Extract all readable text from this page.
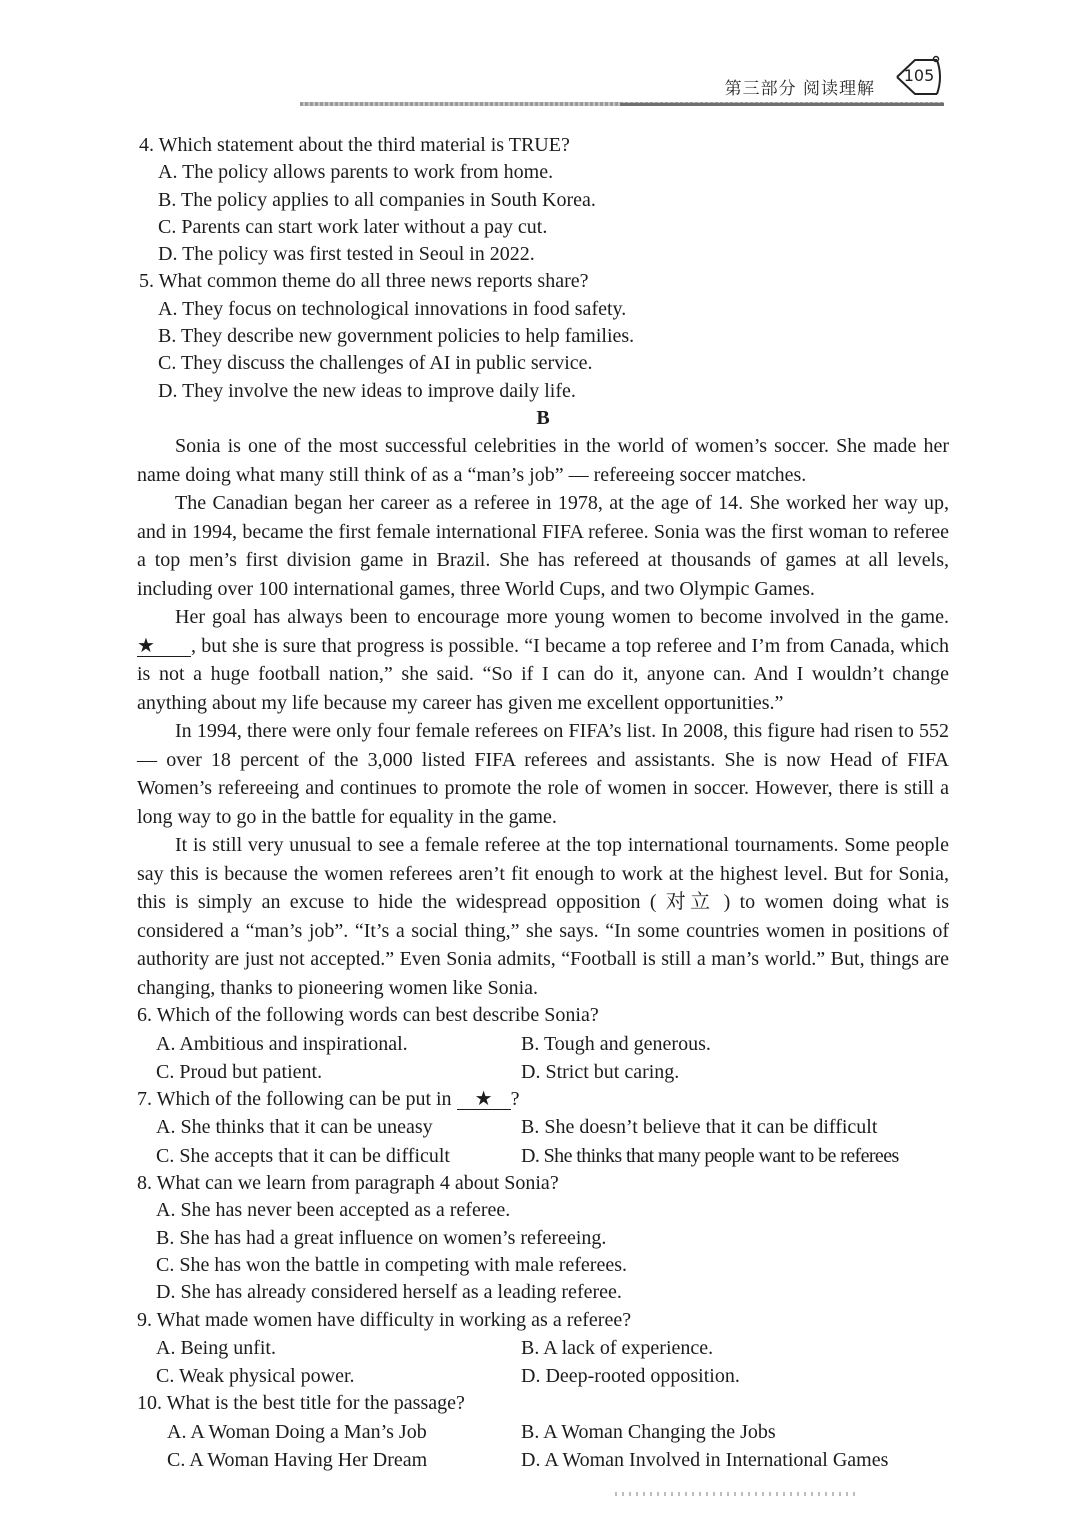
第三部分 阅读理解
105

4. Which statement about the third material is TRUE?

A. The policy allows parents to work from home.

B. The policy applies to all companies in South Korea.

C. Parents can start work later without a pay cut.

D. The policy was first tested in Seoul in 2022.

5. What common theme do all three news reports share?

A. They focus on technological innovations in food safety.

B. They describe new government policies to help families.

C. They discuss the challenges of AI in public service.

D. They involve the new ideas to improve daily life.

B

Sonia is one of the most successful celebrities in the world of women’s soccer. She made her name doing what many still think of as a “man’s job” — refereeing soccer matches.

The Canadian began her career as a referee in 1978, at the age of 14. She worked her way up, and in 1994, became the first female international FIFA referee. Sonia was the first woman to referee a top men’s first division game in Brazil. She has refereed at thousands of games at all levels, including over 100 international games, three World Cups, and two Olympic Games.

Her goal has always been to encourage more young women to become involved in the game. ★ , but she is sure that progress is possible. “I became a top referee and I’m from Canada, which is not a huge football nation,” she said. “So if I can do it, anyone can. And I wouldn’t change anything about my life because my career has given me excellent opportunities.”

In 1994, there were only four female referees on FIFA’s list. In 2008, this figure had risen to 552 — over 18 percent of the 3,000 listed FIFA referees and assistants. She is now Head of FIFA Women’s refereeing and continues to promote the role of women in soccer. However, there is still a long way to go in the battle for equality in the game.

It is still very unusual to see a female referee at the top international tournaments. Some people say this is because the women referees aren’t fit enough to work at the highest level. But for Sonia, this is simply an excuse to hide the widespread opposition ( 对立 ) to women doing what is considered a “man’s job”. “It’s a social thing,” she says. “In some countries women in positions of authority are just not accepted.” Even Sonia admits, “Football is still a man’s world.” But, things are changing, thanks to pioneering women like Sonia.

6. Which of the following words can best describe Sonia?

A. Ambitious and inspirational.	B. Tough and generous.
C. Proud but patient.	D. Strict but caring.

7. Which of the following can be put in ★ ?

A. She thinks that it can be uneasy	B. She doesn’t believe that it can be difficult
C. She accepts that it can be difficult	D. She thinks that many people want to be referees

8. What can we learn from paragraph 4 about Sonia?

A. She has never been accepted as a referee.

B. She has had a great influence on women’s refereeing.

C. She has won the battle in competing with male referees.

D. She has already considered herself as a leading referee.

9. What made women have difficulty in working as a referee?

A. Being unfit.	B. A lack of experience.
C. Weak physical power.	D. Deep-rooted opposition.

10. What is the best title for the passage?

A. A Woman Doing a Man’s Job	B. A Woman Changing the Jobs
C. A Woman Having Her Dream	D. A Woman Involved in International Games
